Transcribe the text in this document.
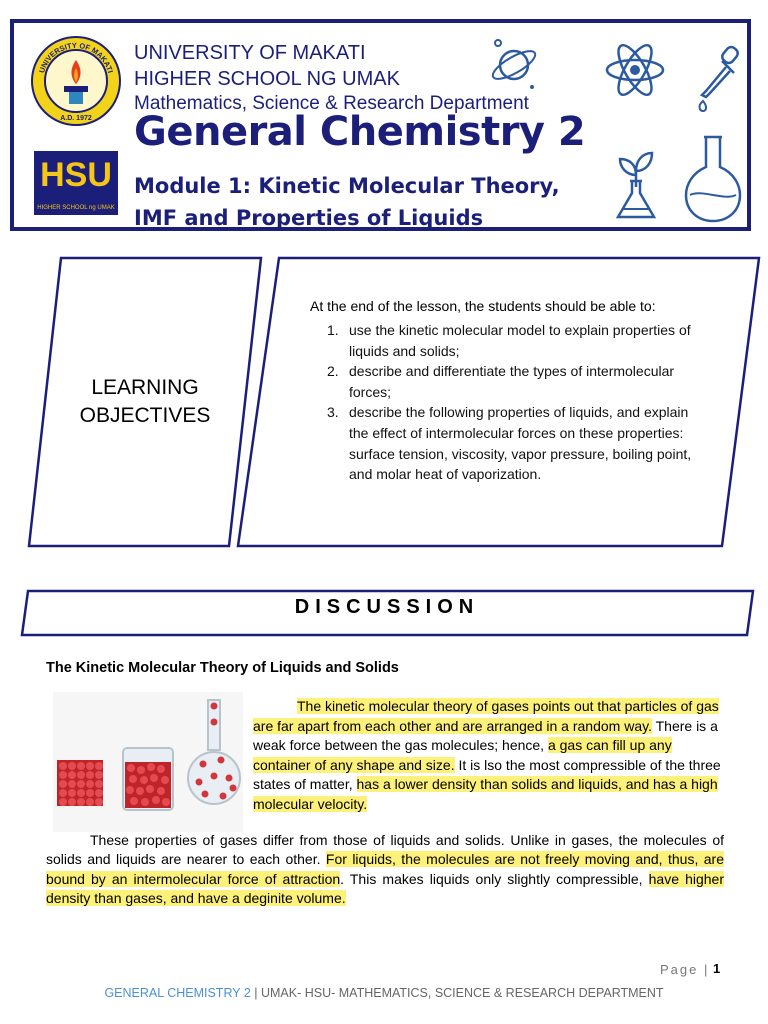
UNIVERSITY OF MAKATI
A.D. 1972
HSU
HIGHER SCHOOL ng UMAK
UNIVERSITY OF MAKATI
HIGHER SCHOOL NG UMAK
Mathematics, Science & Research Department
General Chemistry 2
Module 1: Kinetic Molecular Theory,
IMF and Properties of Liquids
LEARNING
OBJECTIVES
At the end of the lesson, the students should be able to:
1. use the kinetic molecular model to explain properties of liquids and solids;
2. describe and differentiate the types of intermolecular forces;
3. describe the following properties of liquids, and explain the effect of intermolecular forces on these properties: surface tension, viscosity, vapor pressure, boiling point, and molar heat of vaporization.
DISCUSSION
The Kinetic Molecular Theory of Liquids and Solids
The kinetic molecular theory of gases points out that particles of gas are far apart from each other and are arranged in a random way. There is a weak force between the gas molecules; hence, a gas can fill up any container of any shape and size. It is lso the most compressible of the three states of matter, has a lower density than solids and liquids, and has a high molecular velocity.
These properties of gases differ from those of liquids and solids. Unlike in gases, the molecules of solids and liquids are nearer to each other. For liquids, the molecules are not freely moving and, thus, are bound by an intermolecular force of attraction. This makes liquids only slightly compressible, have higher density than gases, and have a deginite volume.
Page | 1
GENERAL CHEMISTRY 2 | UMAK- HSU- MATHEMATICS, SCIENCE & RESEARCH DEPARTMENT
